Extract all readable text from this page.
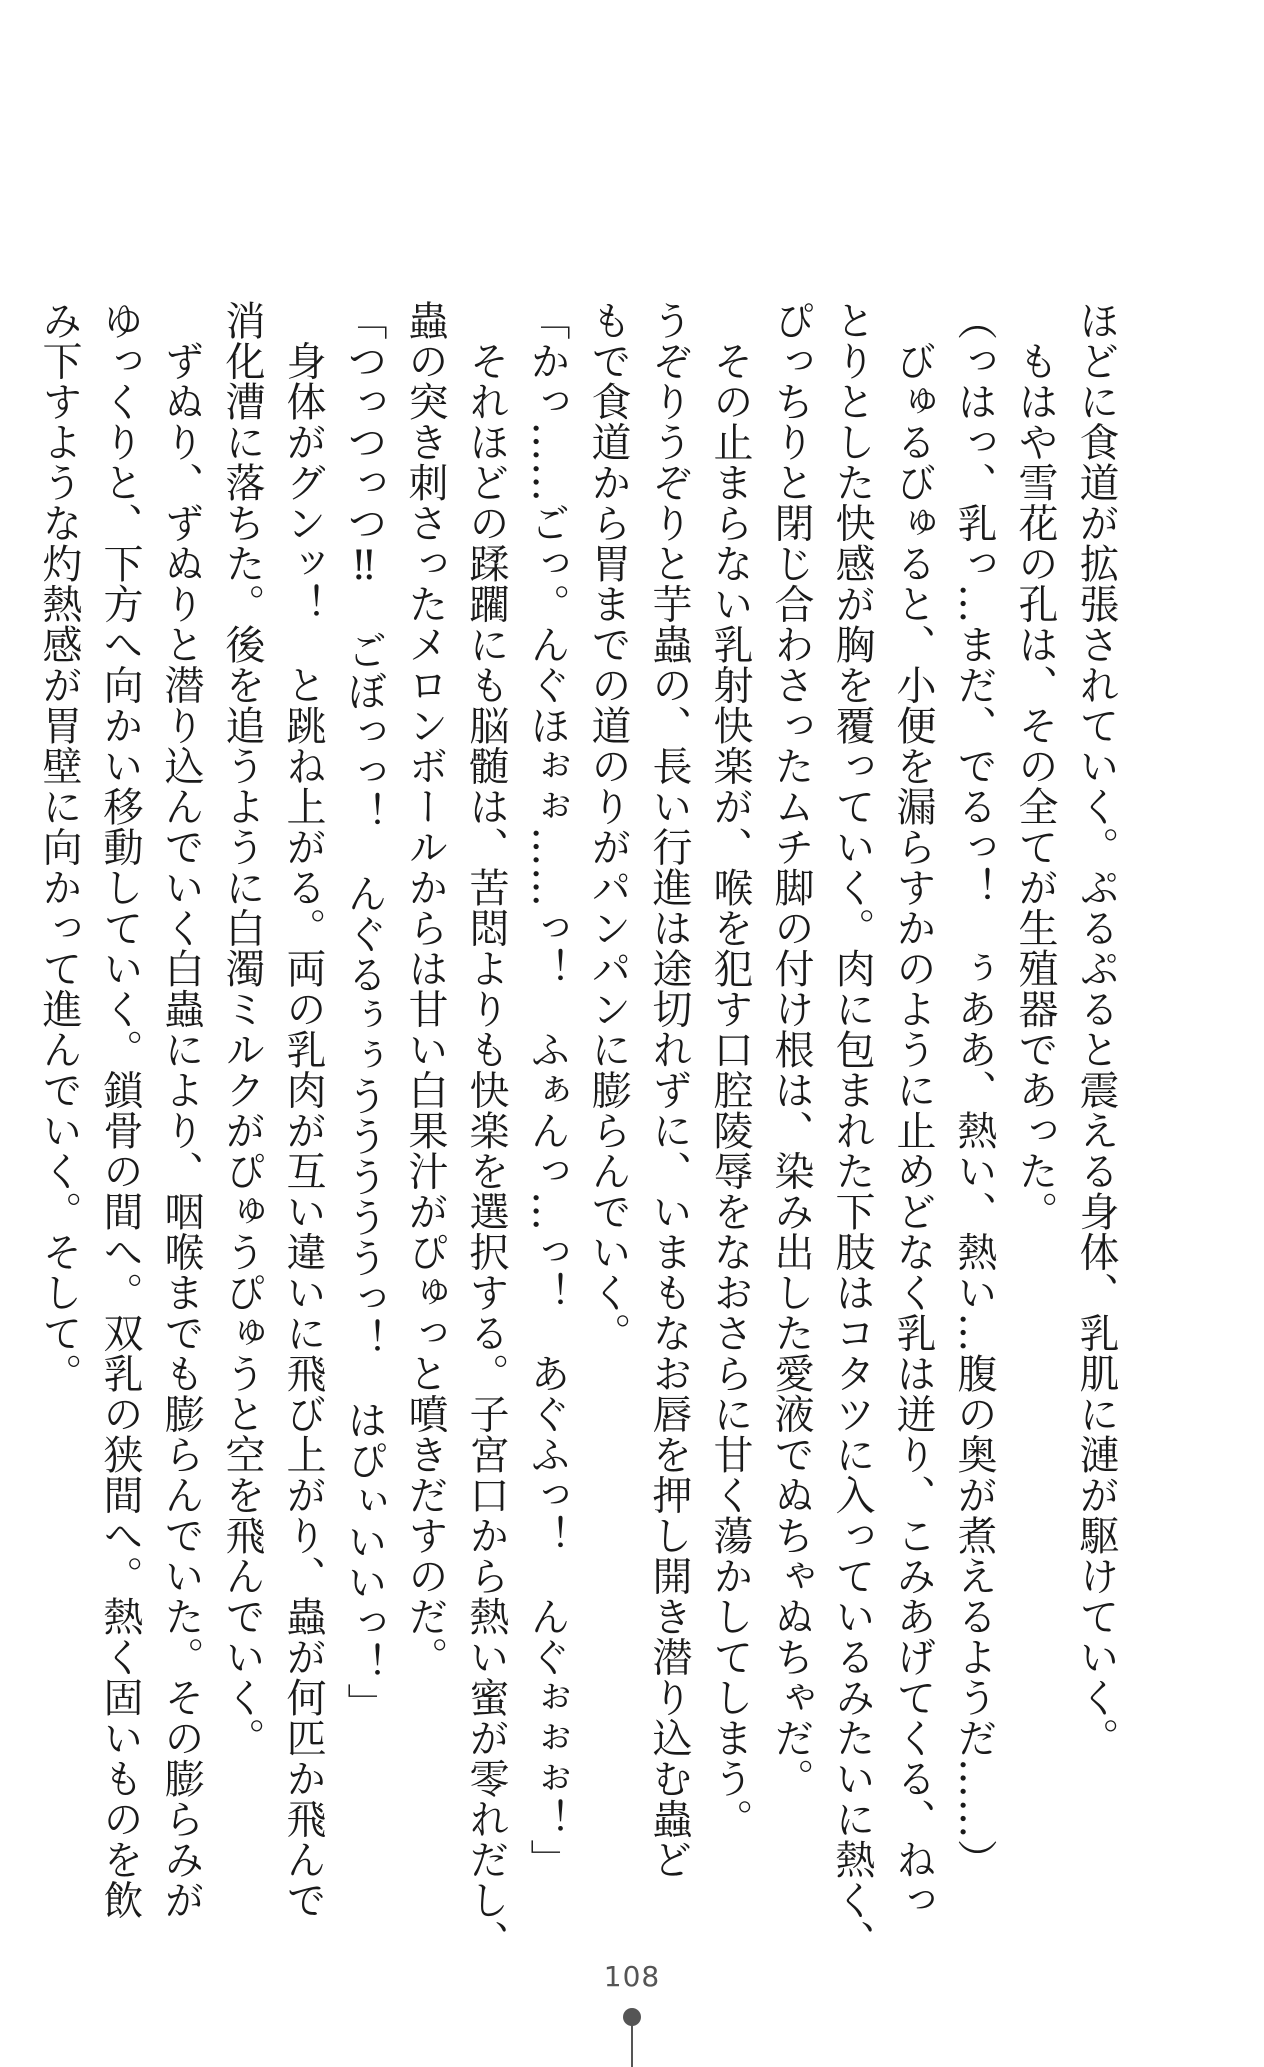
ほどに食道が拡張されていく。ぷるぷると震える身体、乳肌に漣が駆けていく。
　もはや雪花の孔は、その全てが生殖器であった。
（っはっ、乳っ…まだ、でるっ！　ぅああ、熱い、熱い…腹の奥が煮えるようだ……）
　びゅるびゅると、小便を漏らすかのように止めどなく乳は迸り、こみあげてくる、ねっ
とりとした快感が胸を覆っていく。肉に包まれた下肢はコタツに入っているみたいに熱く、
ぴっちりと閉じ合わさったムチ脚の付け根は、染み出した愛液でぬちゃぬちゃだ。
　その止まらない乳射快楽が、喉を犯す口腔陵辱をなおさらに甘く蕩かしてしまう。
うぞりうぞりと芋蟲の、長い行進は途切れずに、いまもなお唇を押し開き潜り込む蟲ど
もで食道から胃までの道のりがパンパンに膨らんでいく。
「かっ……ごっ。んぐほぉぉ……っ！　ふぁんっ…っ！　あぐふっ！　んぐぉぉぉ！」
　それほどの蹂躙にも脳髄は、苦悶よりも快楽を選択する。子宮口から熱い蜜が零れだし、
蟲の突き刺さったメロンボールからは甘い白果汁がぴゅっと噴きだすのだ。
「つっつっつ‼　ごぼっっ！　んぐるぅぅうううううっ！　はぴぃいいっ！」
　身体がグンッ！　と跳ね上がる。両の乳肉が互い違いに飛び上がり、蟲が何匹か飛んで
消化漕に落ちた。後を追うように白濁ミルクがぴゅうぴゅうと空を飛んでいく。
　ずぬり、ずぬりと潜り込んでいく白蟲により、咽喉までも膨らんでいた。その膨らみが
ゆっくりと、下方へ向かい移動していく。鎖骨の間へ。双乳の狭間へ。熱く固いものを飲
み下すような灼熱感が胃壁に向かって進んでいく。そして。
108
